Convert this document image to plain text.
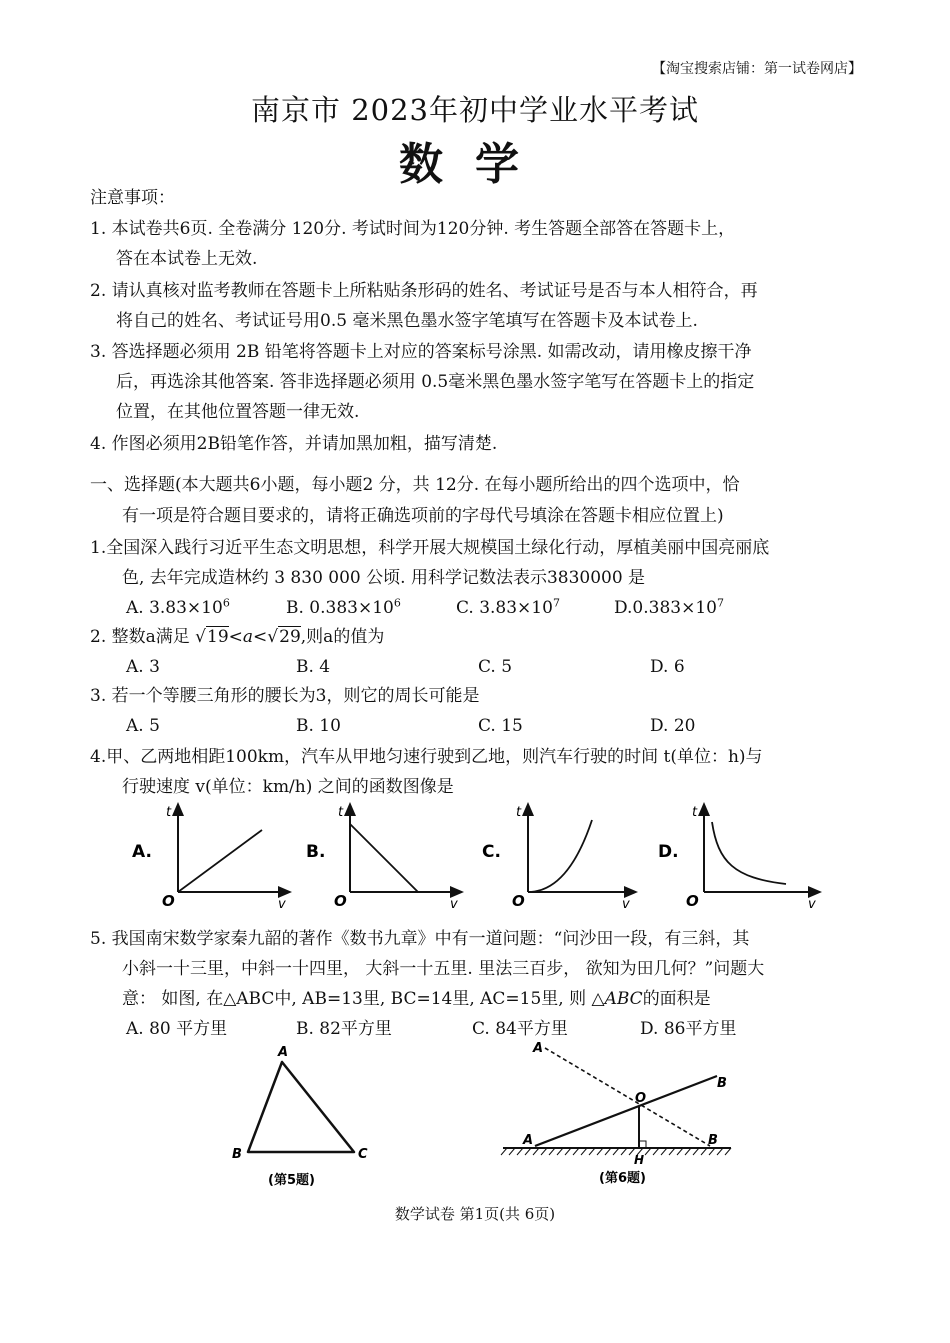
【淘宝搜索店铺：第一试卷网店】
南京市 2023年初中学业水平考试
数学
注意事项：
1. 本试卷共6页. 全卷满分 120分. 考试时间为120分钟. 考生答题全部答在答题卡上，
答在本试卷上无效.
2. 请认真核对监考教师在答题卡上所粘贴条形码的姓名、考试证号是否与本人相符合，再
将自己的姓名、考试证号用0.5 毫米黑色墨水签字笔填写在答题卡及本试卷上.
3. 答选择题必须用 2B 铅笔将答题卡上对应的答案标号涂黑. 如需改动，请用橡皮擦干净
后，再选涂其他答案. 答非选择题必须用 0.5毫米黑色墨水签字笔写在答题卡上的指定
位置，在其他位置答题一律无效.
4. 作图必须用2B铅笔作答，并请加黑加粗，描写清楚.
一、选择题(本大题共6小题，每小题2 分，共 12分. 在每小题所给出的四个选项中，恰
有一项是符合题目要求的，请将正确选项前的字母代号填涂在答题卡相应位置上)
1.全国深入践行习近平生态文明思想，科学开展大规模国土绿化行动，厚植美丽中国亮丽底
色, 去年完成造林约 3 830 000 公顷. 用科学记数法表示3830000 是
A. $3.83\times 10^6$	B. $0.383\times 10^6$	C. $3.83\times 10^7$	$D.0.383\times 10^7$
2. 整数a满足 √19<a<√29,则a的值为
A. 3	B. 4	C. 5	D. 6
3. 若一个等腰三角形的腰长为3，则它的周长可能是
A. 5	B. 10	C. 15	D. 20
4.甲、乙两地相距100km，汽车从甲地匀速行驶到乙地，则汽车行驶的时间 t(单位：h)与
行驶速度 v(单位：km/h) 之间的函数图像是
A.
t
v
O
B.
t
v
O
C.
t
v
O
D.
t
v
O
5. 我国南宋数学家秦九韶的著作《数书九章》中有一道问题：“问沙田一段，有三斜，其
小斜一十三里，中斜一十四里， 大斜一十五里. 里法三百步， 欲知为田几何？”问题大
意： 如图, 在△ABC中, AB=13里, BC=14里, AC=15里, 则 △ABC的面积是
A. 80 平方里	B. 82平方里	C. 84平方里	D. 86平方里
A
B	C
(第5题)
A
A
B
B
O
H
(第6题)
数学试卷 第1页(共 6页)
